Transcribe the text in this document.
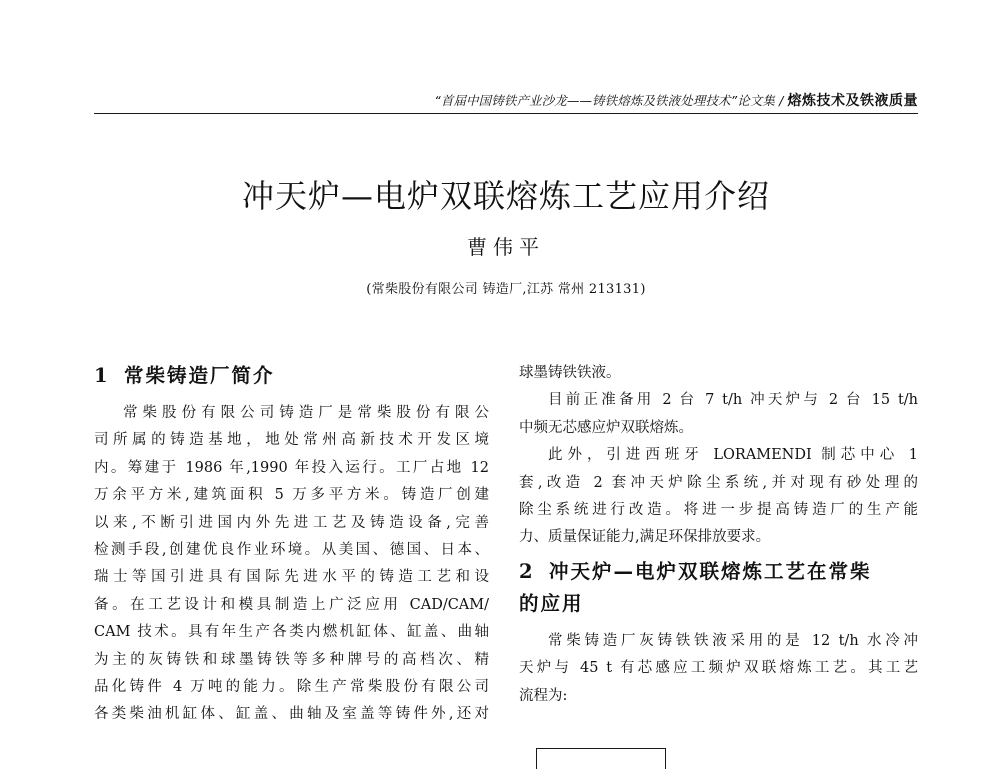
“首届中国铸铁产业沙龙——铸铁熔炼及铁液处理技术”论文集 / 熔炼技术及铁液质量
冲天炉—电炉双联熔炼工艺应用介绍
曹伟平
(常柴股份有限公司 铸造厂,江苏 常州 213131)
1 常柴铸造厂简介

常柴股份有限公司铸造厂是常柴股份有限公
司所属的铸造基地，地处常州高新技术开发区境
内。筹建于 1986 年,1990 年投入运行。工厂占地 12
万余平方米,建筑面积 5 万多平方米。铸造厂创建
以来,不断引进国内外先进工艺及铸造设备,完善
检测手段,创建优良作业环境。从美国、德国、日本、
瑞士等国引进具有国际先进水平的铸造工艺和设
备。在工艺设计和模具制造上广泛应用 CAD/CAM/
CAM 技术。具有年生产各类内燃机缸体、缸盖、曲轴
为主的灰铸铁和球墨铸铁等多种牌号的高档次、精
品化铸件 4 万吨的能力。除生产常柴股份有限公司
各类柴油机缸体、缸盖、曲轴及室盖等铸件外,还对

球墨铸铁铁液。

目前正准备用 2 台 7 t/h 冲天炉与 2 台 15 t/h
中频无芯感应炉双联熔炼。

此外，引进西班牙 LORAMENDI 制芯中心 1
套,改造 2 套冲天炉除尘系统,并对现有砂处理的
除尘系统进行改造。将进一步提高铸造厂的生产能
力、质量保证能力,满足环保排放要求。

2 冲天炉—电炉双联熔炼工艺在常柴
的应用

常柴铸造厂灰铸铁铁液采用的是 12 t/h 水冷冲
天炉与 45 t 有芯感应工频炉双联熔炼工艺。其工艺
流程为:
